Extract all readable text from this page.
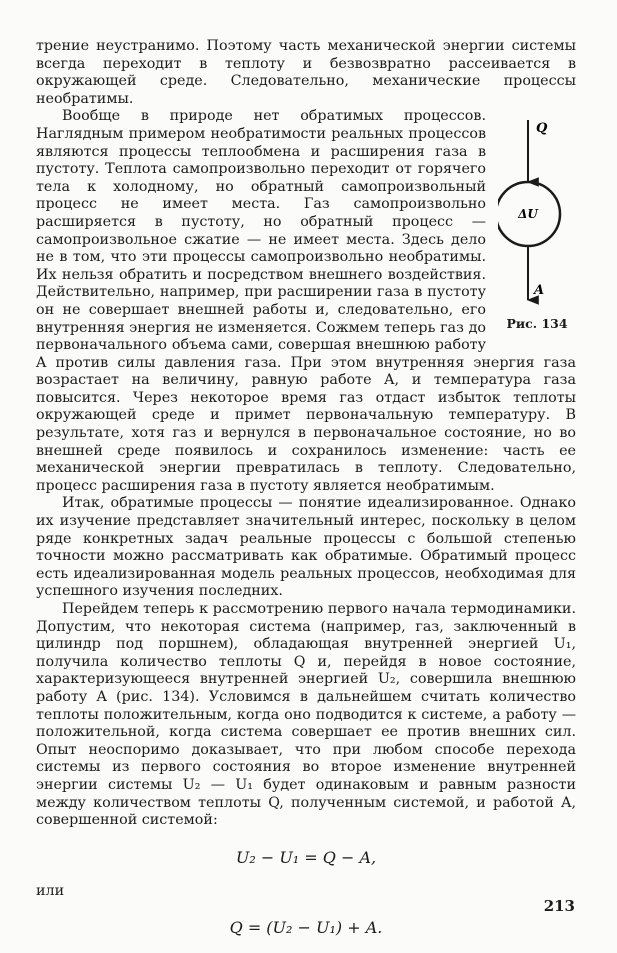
трение неустранимо. Поэтому часть механической энергии системы всегда переходит в теплоту и безвозвратно рассеивается в окружающей среде. Следовательно, механические процессы необратимы.

Q
ΔU
A
Рис. 134

Вообще в природе нет обратимых процессов. Наглядным примером необратимости реальных процессов являются процессы теплообмена и расширения газа в пустоту. Теплота самопроизвольно переходит от горячего тела к холодному, но обратный самопроизвольный процесс не имеет места. Газ самопроизвольно расширяется в пустоту, но обратный процесс — самопроизвольное сжатие — не имеет места. Здесь дело не в том, что эти процессы самопроизвольно необратимы. Их нельзя обратить и посредством внешнего воздействия. Действительно, например, при расширении газа в пустоту он не совершает внешней работы и, следовательно, его внутренняя энергия не изменяется. Сожмем теперь газ до первоначального объема сами, совершая внешнюю работу A против силы давления газа. При этом внутренняя энергия газа возрастает на величину, равную работе A, и температура газа повысится. Через некоторое время газ отдаст избыток теплоты окружающей среде и примет первоначальную температуру. В результате, хотя газ и вернулся в первоначальное состояние, но во внешней среде появилось и сохранилось изменение: часть ее механической энергии превратилась в теплоту. Следовательно, процесс расширения газа в пустоту является необратимым.

Итак, обратимые процессы — понятие идеализированное. Однако их изучение представляет значительный интерес, поскольку в целом ряде конкретных задач реальные процессы с большой степенью точности можно рассматривать как обратимые. Обратимый процесс есть идеализированная модель реальных процессов, необходимая для успешного изучения последних.

Перейдем теперь к рассмотрению первого начала термодинамики. Допустим, что некоторая система (например, газ, заключенный в цилиндр под поршнем), обладающая внутренней энергией U₁, получила количество теплоты Q и, перейдя в новое состояние, характеризующееся внутренней энергией U₂, совершила внешнюю работу A (рис. 134). Условимся в дальнейшем считать количество теплоты положительным, когда оно подводится к системе, а работу — положительной, когда система совершает ее против внешних сил. Опыт неоспоримо доказывает, что при любом способе перехода системы из первого состояния во второе изменение внутренней энергии системы U₂ — U₁ будет одинаковым и равным разности между количеством теплоты Q, полученным системой, и работой A, совершенной системой:

U₂ − U₁ = Q − A,

или

Q = (U₂ − U₁) + A.
213
